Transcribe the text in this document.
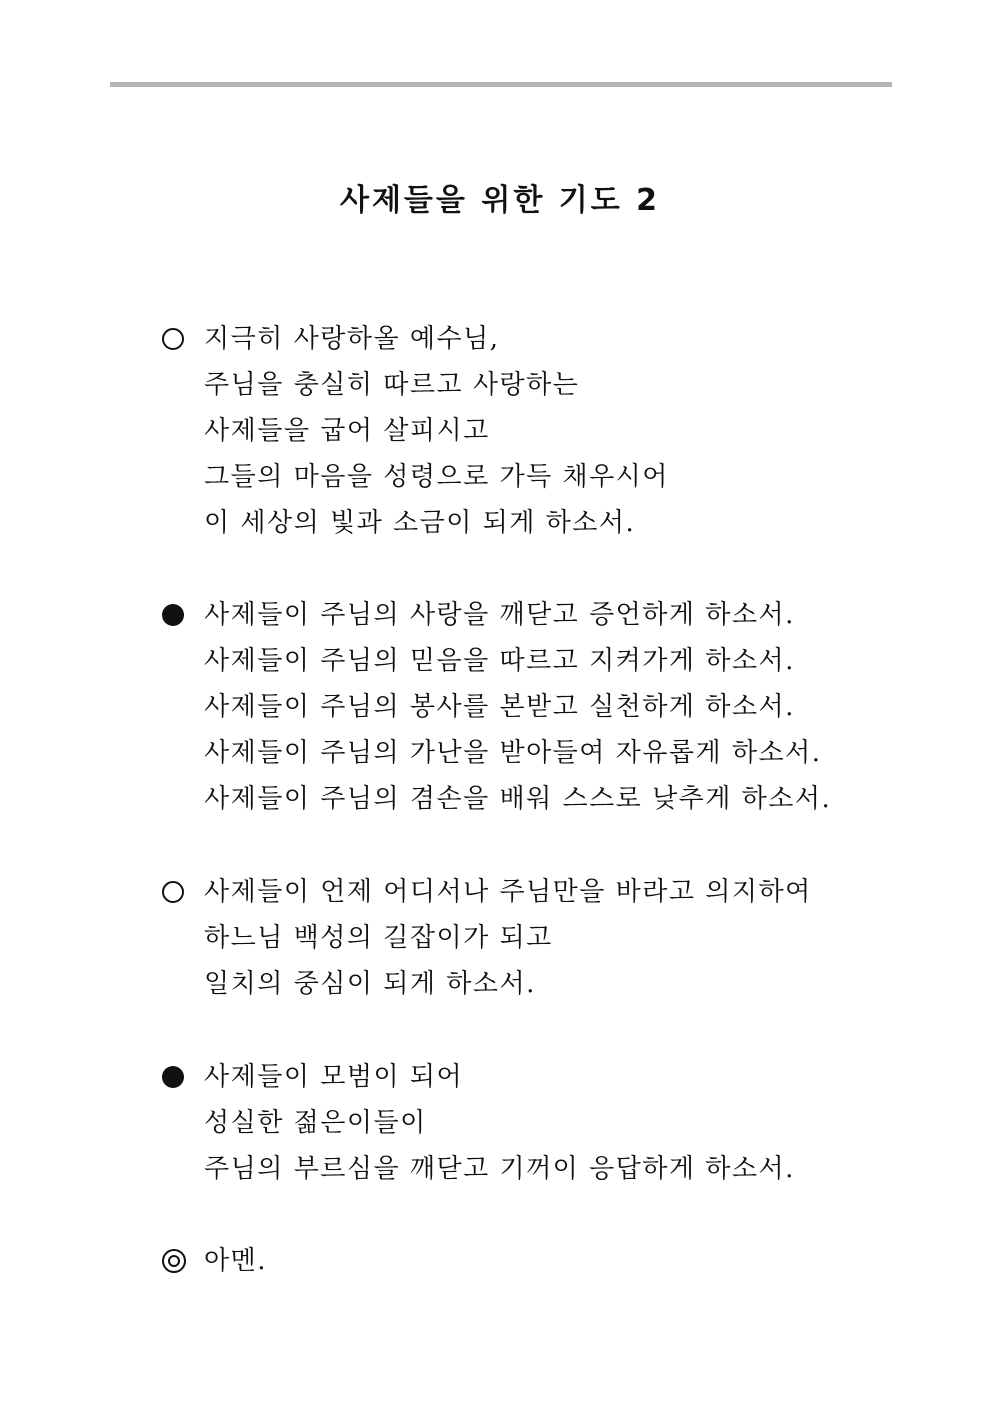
사제들을 위한 기도 2
지극히 사랑하올 예수님,
주님을 충실히 따르고 사랑하는
사제들을 굽어 살피시고
그들의 마음을 성령으로 가득 채우시어
이 세상의 빛과 소금이 되게 하소서.
사제들이 주님의 사랑을 깨닫고 증언하게 하소서.
사제들이 주님의 믿음을 따르고 지켜가게 하소서.
사제들이 주님의 봉사를 본받고 실천하게 하소서.
사제들이 주님의 가난을 받아들여 자유롭게 하소서.
사제들이 주님의 겸손을 배워 스스로 낮추게 하소서.
사제들이 언제 어디서나 주님만을 바라고 의지하여
하느님 백성의 길잡이가 되고
일치의 중심이 되게 하소서.
사제들이 모범이 되어
성실한 젊은이들이
주님의 부르심을 깨닫고 기꺼이 응답하게 하소서.
아멘.
